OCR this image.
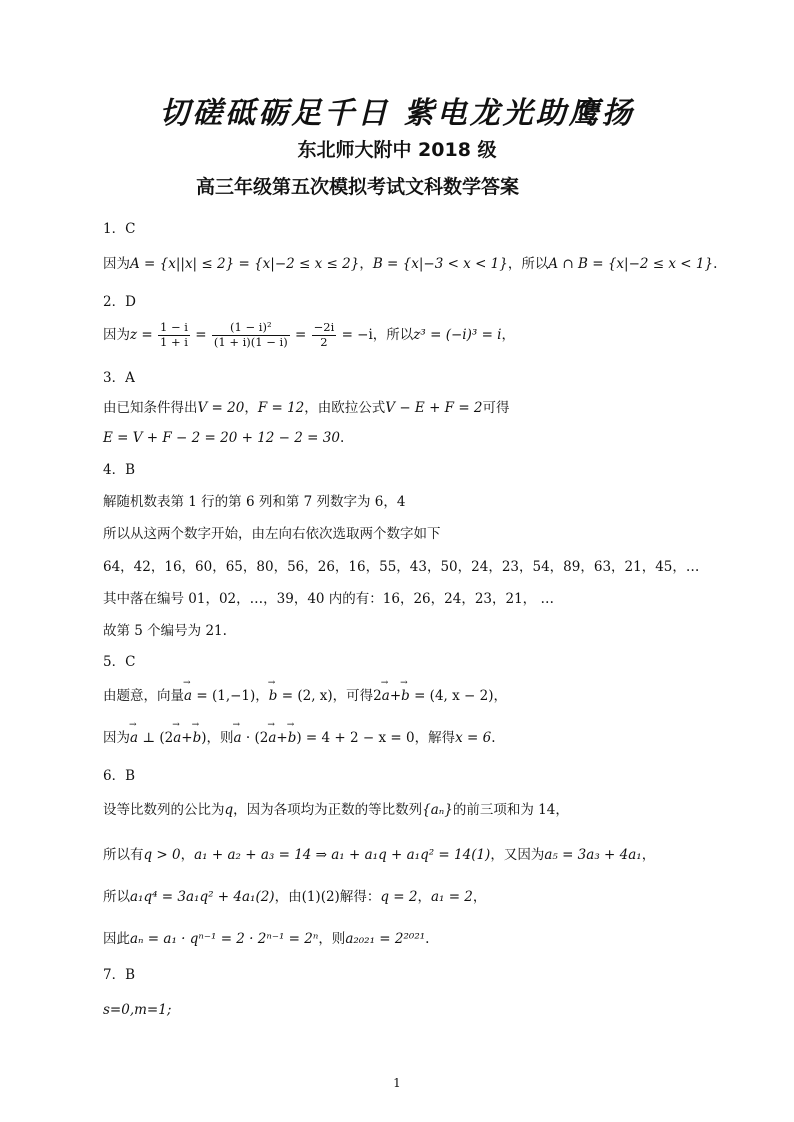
切磋砥砺足千日 紫电龙光助鹰扬
东北师大附中 2018 级
高三年级第五次模拟考试文科数学答案
1．C
因为A = {x||x| ≤ 2} = {x|−2 ≤ x ≤ 2}，B = {x|−3 < x < 1}，所以A ∩ B = {x|−2 ≤ x < 1}.
2．D
因为$z = \frac{1 - i}{1 + i} = \frac{\text{(1 − i)²}}{(1 + i)(1 - i)} = \frac{-2i}{2} = -i$，所以z³ = (−i)³ = i，
3．A
由已知条件得出V = 20，F = 12，由欧拉公式V − E + F = 2可得
E = V + F − 2 = 20 + 12 − 2 = 30.
4．B
解随机数表第 1 行的第 6 列和第 7 列数字为 6，4
所以从这两个数字开始，由左向右依次选取两个数字如下
64，42，16，60，65，80，56，26，16，55，43，50，24，23，54，89，63，21，45，…
其中落在编号 01，02，…，39，40 内的有：16，26，24，23，21， …
故第 5 个编号为 21.
5．C
由题意，向量→ a = (1,−1)，→ b = (2, x)，可得2→ a+→ b = (4, x − 2)，
因为→ a ⊥ (2→ a+→ b)，则→ a · (2→ a+→ b) = 4 + 2 − x = 0，解得x = 6.
6．B
设等比数列的公比为q，因为各项均为正数的等比数列{aₙ}的前三项和为 14，
所以有q > 0，a₁ + a₂ + a₃ = 14 ⇒ a₁ + a₁q + a₁q² = 14(1)，又因为a₅ = 3a₃ + 4a₁，
所以a₁q⁴ = 3a₁q² + 4a₁(2)，由(1)(2)解得：q = 2，a₁ = 2，
因此aₙ = a₁ · qⁿ⁻¹ = 2 · 2ⁿ⁻¹ = 2ⁿ，则a₂₀₂₁ = 2²⁰²¹.
7．B
s=0,m=1;
1
